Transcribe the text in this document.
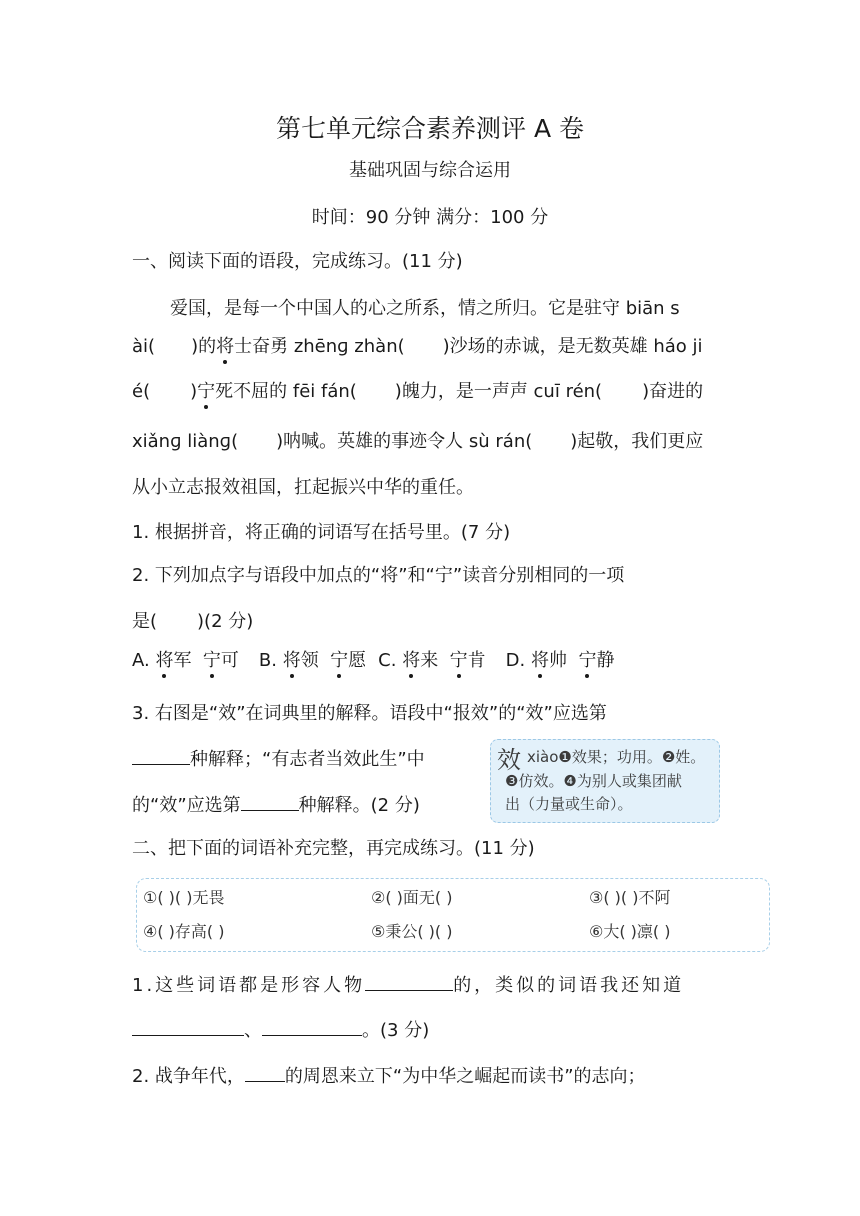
第七单元综合素养测评 A 卷
基础巩固与综合运用
时间：90 分钟 满分：100 分
一、阅读下面的语段，完成练习。(11 分)
爱国，是每一个中国人的心之所系，情之所归。它是驻守 biān s
ài( )的将士奋勇 zhēnɡ zhàn( )沙场的赤诚，是无数英雄 háo ji
é( )宁死不屈的 fēi fán( )魄力，是一声声 cuī rén( )奋进的
xiǎnɡ liànɡ( )呐喊。英雄的事迹令人 sù rán( )起敬，我们更应
从小立志报效祖国，扛起振兴中华的重任。
1. 根据拼音，将正确的词语写在括号里。(7 分)
2. 下列加点字与语段中加点的“将”和“宁”读音分别相同的一项
是( )(2 分)
A. 将军 宁可 B. 将领 宁愿 C. 将来 宁肯 D. 将帅 宁静
3. 右图是“效”在词典里的解释。语段中“报效”的“效”应选第
种解释；“有志者当效此生”中
的“效”应选第	种解释。(2 分)
效 xiào❶效果；功用。❷姓。
❸仿效。❹为别人或集团献
出（力量或生命）。
二、把下面的词语补充完整，再完成练习。(11 分)
①( )( )无畏	②( )面无( )	③( )( )不阿
④( )存高( )	⑤秉公( )( )	⑥大( )凛( )
1.这些词语都是形容人物	的，类似的词语我还知道
、	。(3 分)
2. 战争年代， 的周恩来立下“为中华之崛起而读书”的志向；
